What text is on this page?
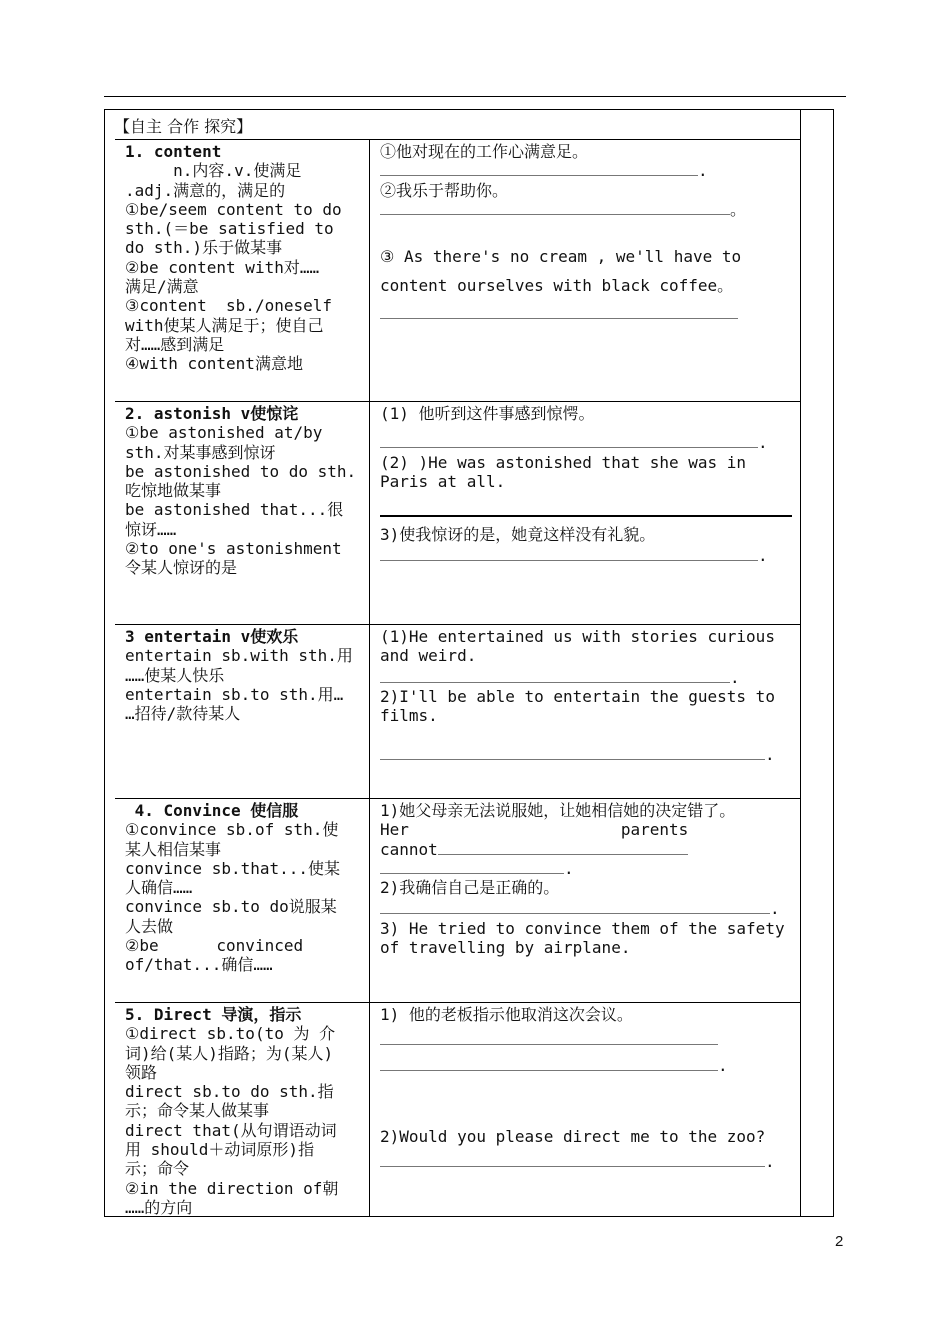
【自主 合作 探究】
1. content
n.内容.v.使满足
.adj.满意的，满足的
①be/seem content to do
sth.(＝be satisfied to
do sth.)乐于做某事
②be content with对……
满足/满意
③content  sb./oneself
with使某人满足于；使自己
对……感到满足
④with content满意地
①他对现在的工作心满意足。
.
②我乐于帮助你。
。
③ As there's no cream , we'll have to
content ourselves with black coffee。
2. astonish v使惊诧
①be astonished at/by
sth.对某事感到惊讶
be astonished to do sth.
吃惊地做某事
be astonished that...很
惊讶……
②to one's astonishment
令某人惊讶的是
(1) 他听到这件事感到惊愕。
.
(2) )He was astonished that she was in
Paris at all.
3)使我惊讶的是，她竟这样没有礼貌。
.
3 entertain v使欢乐
entertain sb.with sth.用
……使某人快乐
entertain sb.to sth.用…
…招待/款待某人
(1)He entertained us with stories curious
and weird.
.
2)I'll be able to entertain the guests to
films.
.
4. Convince 使信服
①convince sb.of sth.使
某人相信某事
convince sb.that...使某
人确信……
convince sb.to do说服某
人去做
②be      convinced
of/that...确信……
1)她父母亲无法说服她，让她相信她的决定错了。
Her                      parents
cannot
.
2)我确信自己是正确的。
.
3) He tried to convince them of the safety
of travelling by airplane.
5. Direct 导演，指示
①direct sb.to(to 为 介
词)给(某人)指路；为(某人)
领路
direct sb.to do sth.指
示；命令某人做某事
direct that(从句谓语动词
用 should＋动词原形)指
示；命令
②in the direction of朝
……的方向
1) 他的老板指示他取消这次会议。
.
2)Would you please direct me to the zoo?
.
2
